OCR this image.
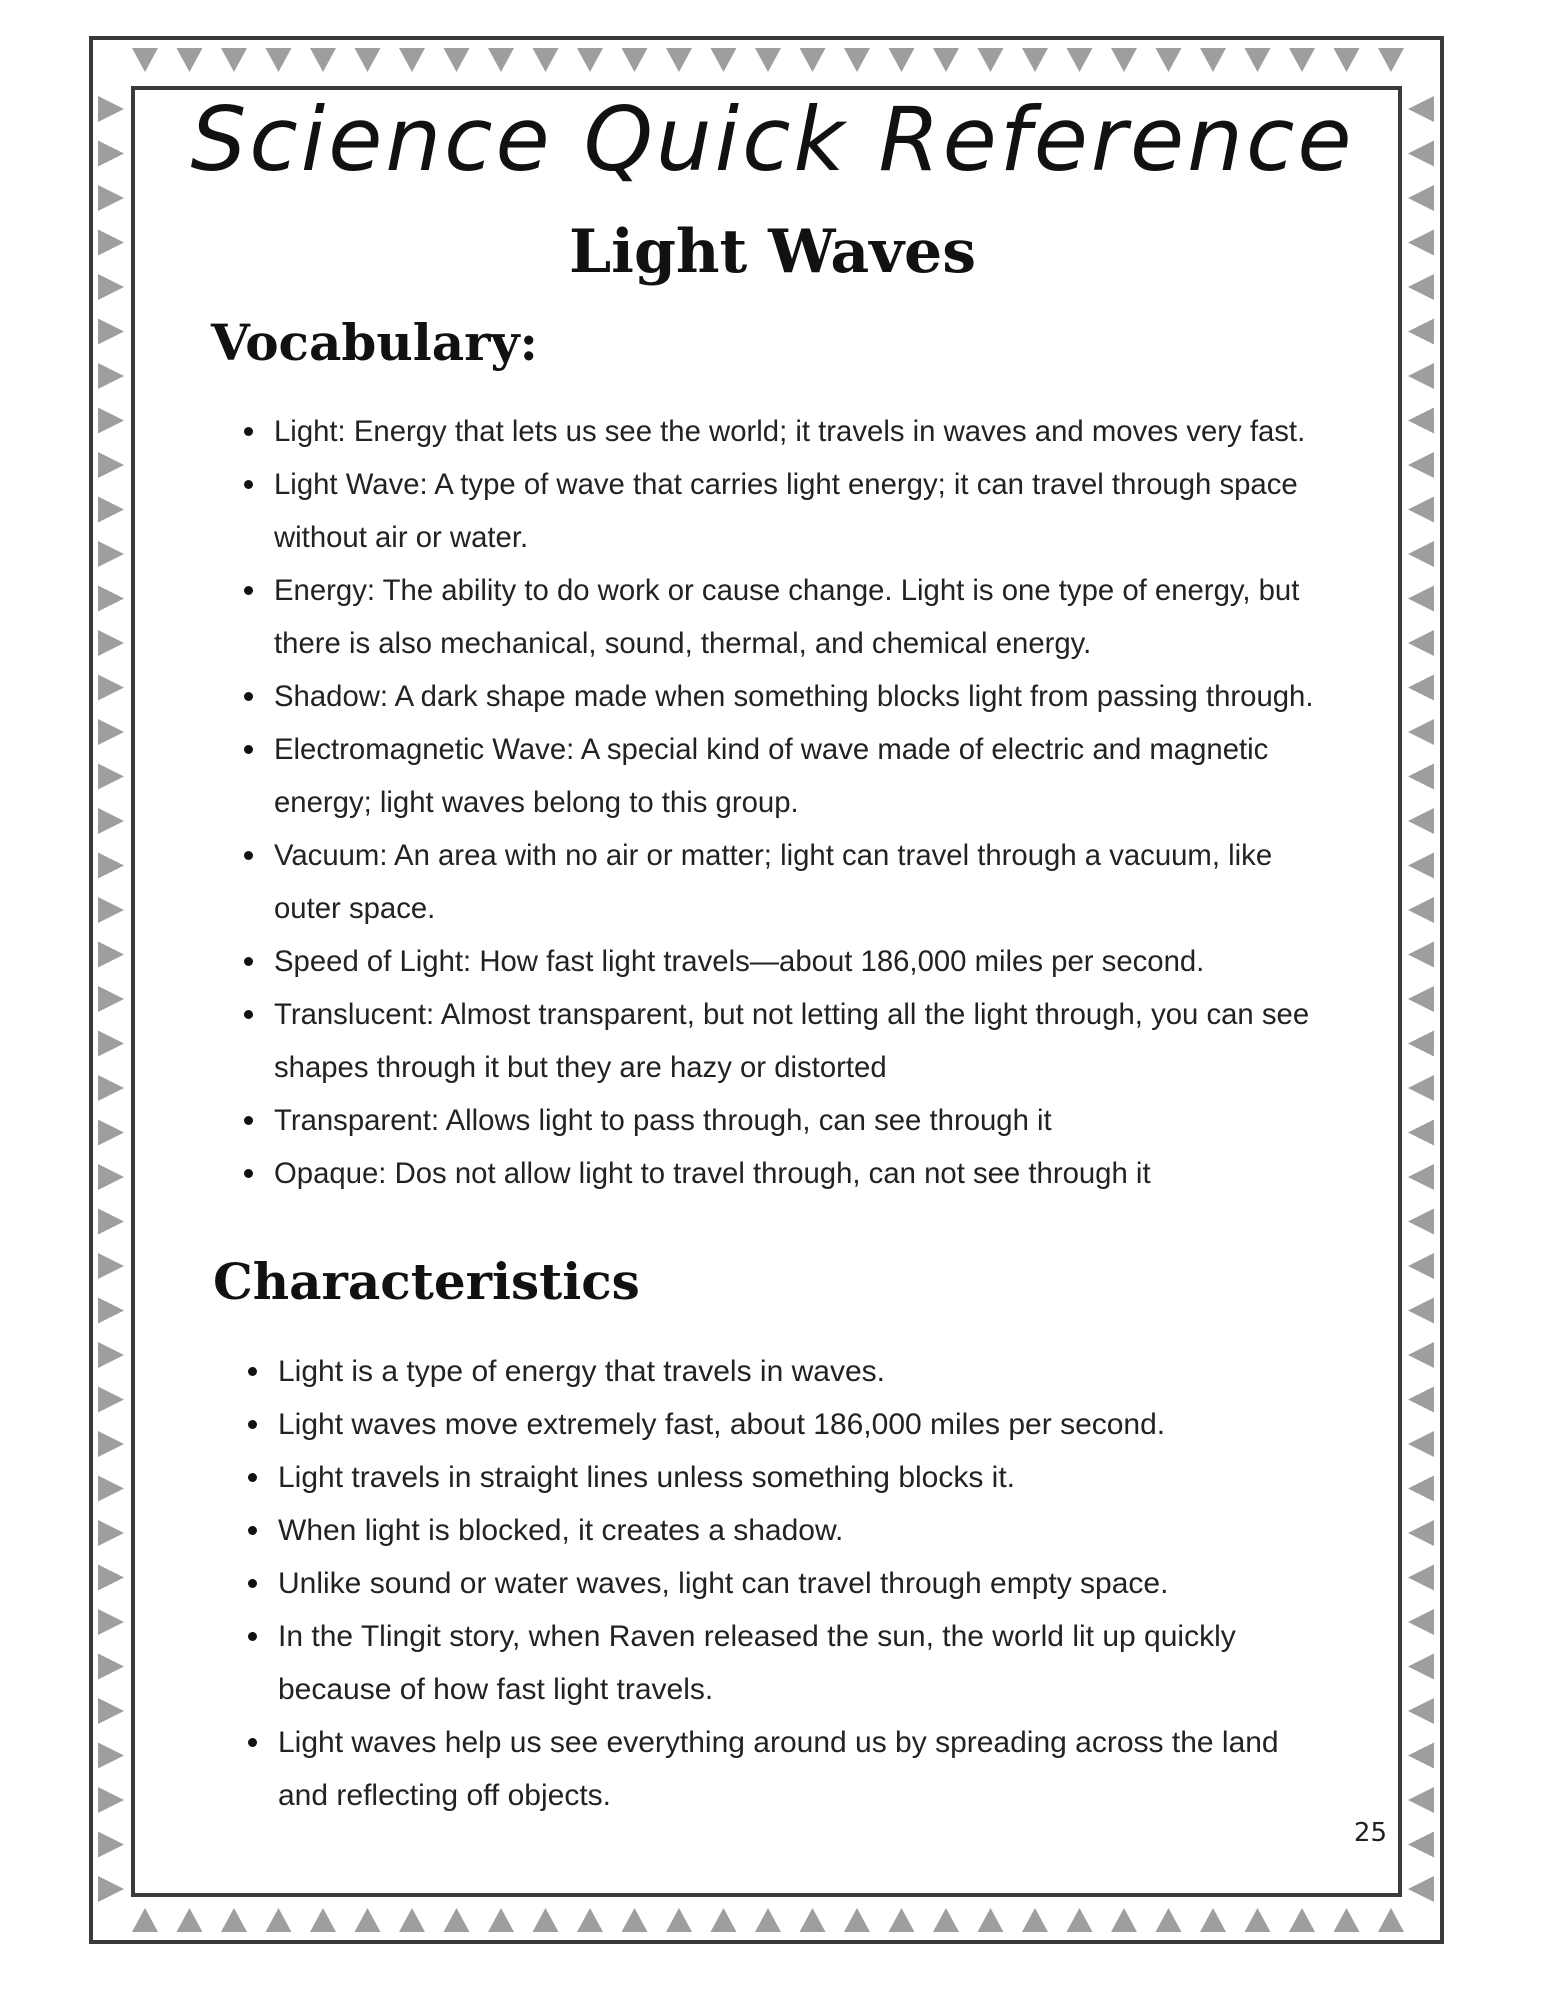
Science Quick Reference
Light Waves
Vocabulary:
Light: Energy that lets us see the world; it travels in waves and moves very fast.
Light Wave: A type of wave that carries light energy; it can travel through space
without air or water.
Energy: The ability to do work or cause change. Light is one type of energy, but
there is also mechanical, sound, thermal, and chemical energy.
Shadow: A dark shape made when something blocks light from passing through.
Electromagnetic Wave: A special kind of wave made of electric and magnetic
energy; light waves belong to this group.
Vacuum: An area with no air or matter; light can travel through a vacuum, like
outer space.
Speed of Light: How fast light travels—about 186,000 miles per second.
Translucent: Almost transparent, but not letting all the light through, you can see
shapes through it but they are hazy or distorted
Transparent: Allows light to pass through, can see through it
Opaque: Dos not allow light to travel through, can not see through it
Characteristics
Light is a type of energy that travels in waves.
Light waves move extremely fast, about 186,000 miles per second.
Light travels in straight lines unless something blocks it.
When light is blocked, it creates a shadow.
Unlike sound or water waves, light can travel through empty space.
In the Tlingit story, when Raven released the sun, the world lit up quickly
because of how fast light travels.
Light waves help us see everything around us by spreading across the land
and reflecting off objects.
25
